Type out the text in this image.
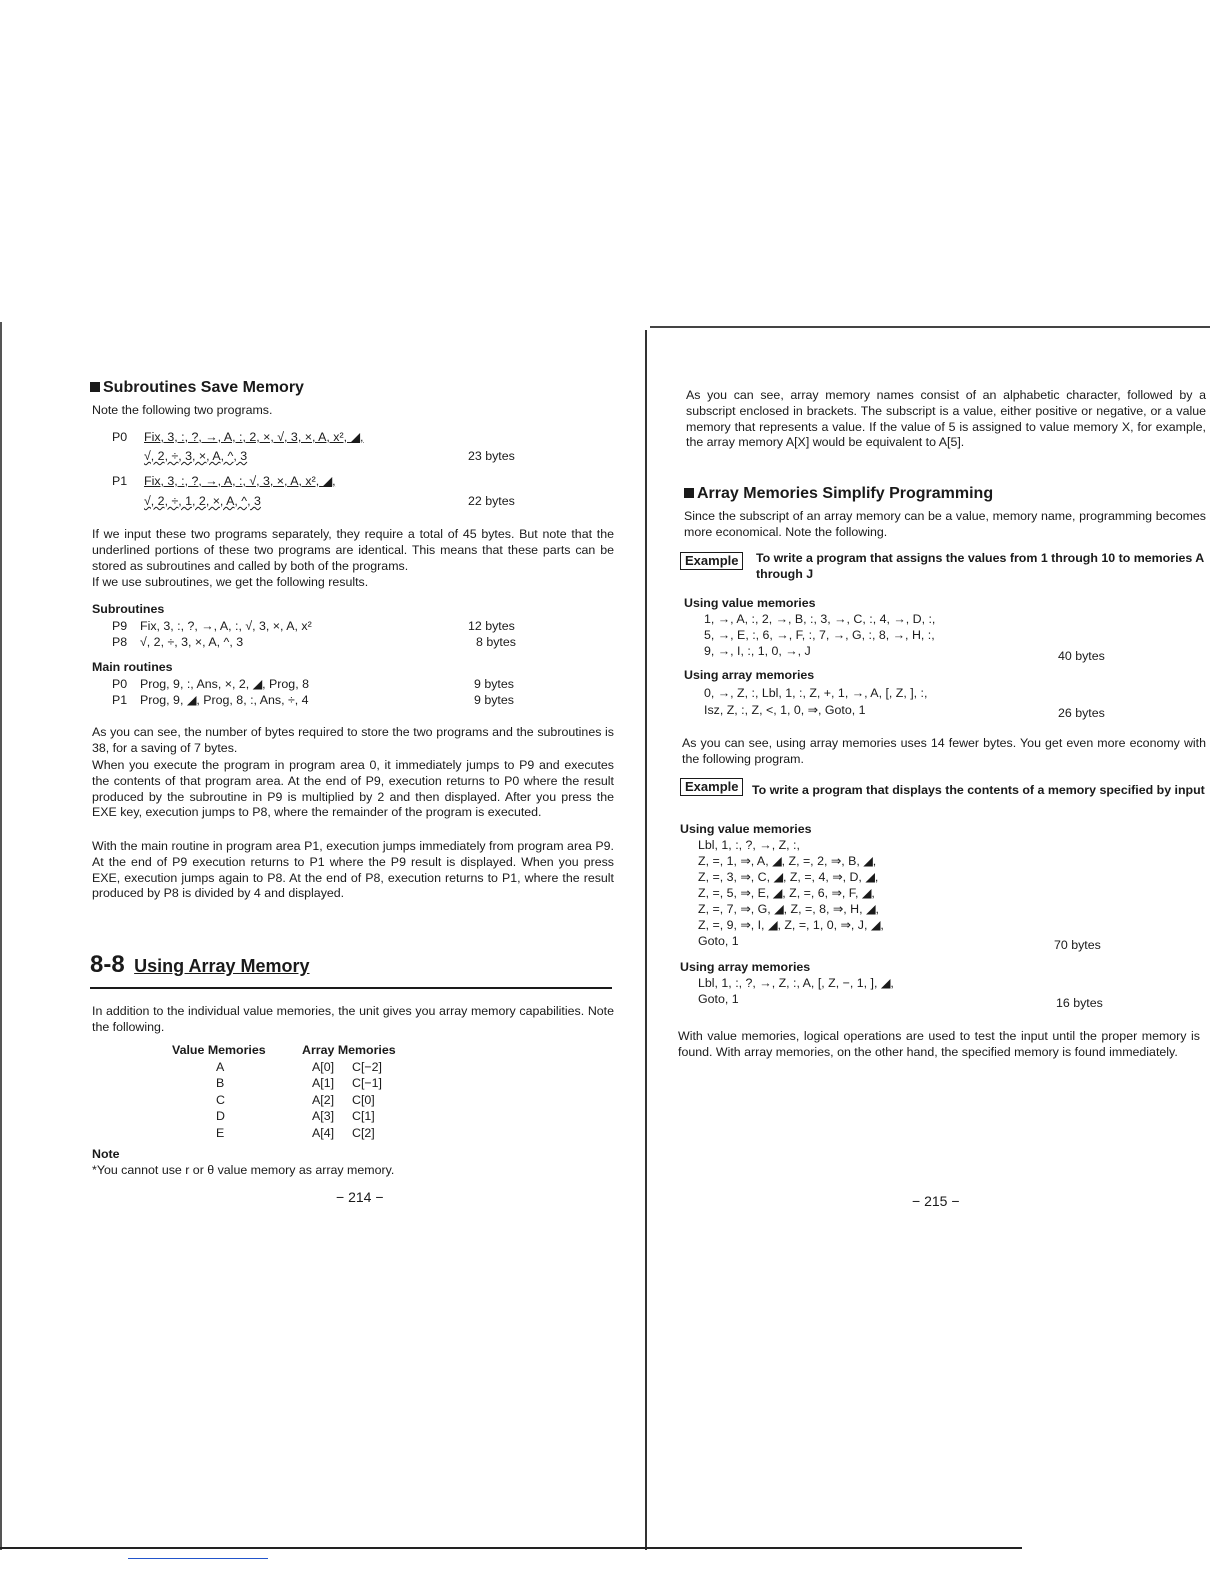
Subroutines Save Memory
Note the following two programs.
P0 Fix, 3, :, ?, →, A, :, 2, ×, √, 3, ×, A, x², ◢,
√, 2, ÷, 3, ×, A, ^, 3	23 bytes
P1 Fix, 3, :, ?, →, A, :, √, 3, ×, A, x², ◢,
√, 2, ÷, 1, 2, ×, A, ^, 3	22 bytes
If we input these two programs separately, they require a total of 45 bytes. But note that the underlined portions of these two programs are identical. This means that these parts can be stored as subroutines and called by both of the programs.
If we use subroutines, we get the following results.
Subroutines
P9 Fix, 3, :, ?, →, A, :, √, 3, ×, A, x²	12 bytes
P8 √, 2, ÷, 3, ×, A, ^, 3	8 bytes
Main routines
P0 Prog, 9, :, Ans, ×, 2, ◢, Prog, 8	9 bytes
P1 Prog, 9, ◢, Prog, 8, :, Ans, ÷, 4	9 bytes
As you can see, the number of bytes required to store the two programs and the subroutines is 38, for a saving of 7 bytes.
When you execute the program in program area 0, it immediately jumps to P9 and executes the contents of that program area. At the end of P9, execution returns to P0 where the result produced by the subroutine in P9 is multiplied by 2 and then displayed. After you press the EXE key, execution jumps to P8, where the remainder of the program is executed.
With the main routine in program area P1, execution jumps immediately from program area P9. At the end of P9 execution returns to P1 where the P9 result is displayed. When you press EXE, execution jumps again to P8. At the end of P8, execution returns to P1, where the result produced by P8 is divided by 4 and displayed.
8-8 Using Array Memory
In addition to the individual value memories, the unit gives you array memory capabilities. Note the following.
Value Memories	Array Memories
A	A[0] C[−2]
B	A[1] C[−1]
C	A[2] C[0]
D	A[3] C[1]
E	A[4] C[2]
Note
*You cannot use r or θ value memory as array memory.
− 214 −
As you can see, array memory names consist of an alphabetic character, followed by a subscript enclosed in brackets. The subscript is a value, either positive or negative, or a value memory that represents a value. If the value of 5 is assigned to value memory X, for example, the array memory A[X] would be equivalent to A[5].
Array Memories Simplify Programming
Since the subscript of an array memory can be a value, memory name, programming becomes more economical. Note the following.
Example	To write a program that assigns the values from 1 through 10 to memories A through J
Using value memories
1, →, A, :, 2, →, B, :, 3, →, C, :, 4, →, D, :,
5, →, E, :, 6, →, F, :, 7, →, G, :, 8, →, H, :,
9, →, I, :, 1, 0, →, J	40 bytes
Using array memories
0, →, Z, :, Lbl, 1, :, Z, +, 1, →, A, [, Z, ], :,
Isz, Z, :, Z, <, 1, 0, ⇒, Goto, 1	26 bytes
As you can see, using array memories uses 14 fewer bytes. You get even more economy with the following program.
Example	To write a program that displays the contents of a memory specified by input
Using value memories
Lbl, 1, :, ?, →, Z, :,
Z, =, 1, ⇒, A, ◢, Z, =, 2, ⇒, B, ◢,
Z, =, 3, ⇒, C, ◢, Z, =, 4, ⇒, D, ◢,
Z, =, 5, ⇒, E, ◢, Z, =, 6, ⇒, F, ◢,
Z, =, 7, ⇒, G, ◢, Z, =, 8, ⇒, H, ◢,
Z, =, 9, ⇒, I, ◢, Z, =, 1, 0, ⇒, J, ◢,
Goto, 1	70 bytes
Using array memories
Lbl, 1, :, ?, →, Z, :, A, [, Z, −, 1, ], ◢,
Goto, 1	16 bytes
With value memories, logical operations are used to test the input until the proper memory is found. With array memories, on the other hand, the specified memory is found immediately.
− 215 −
